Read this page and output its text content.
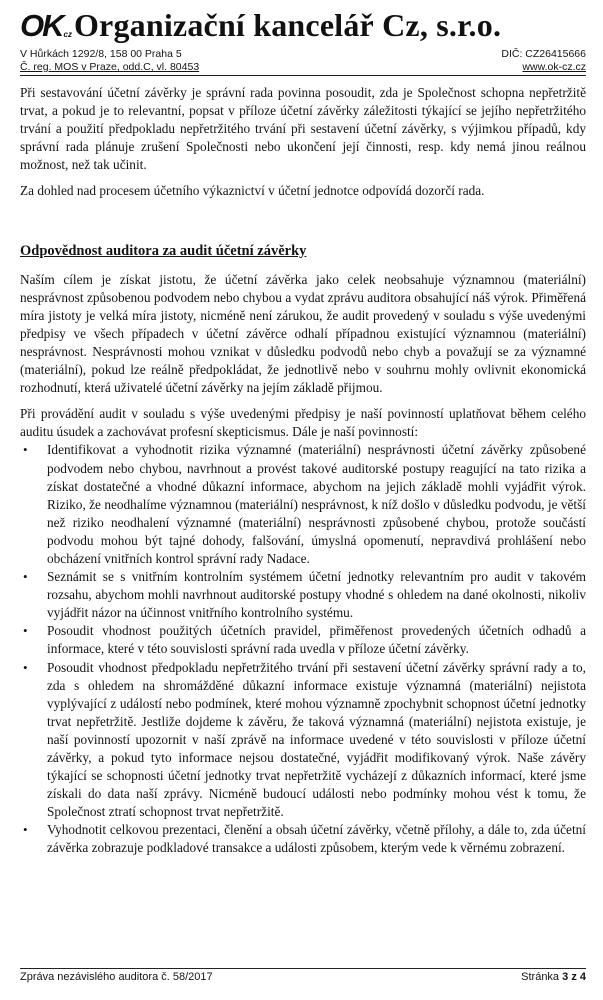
OK cz Organizační kancelář Cz, s.r.o.
V Hůrkách 1292/8, 158 00 Praha 5	DIČ: CZ26415666
Č. reg. MOS v Praze, odd.C, vl. 80453	www.ok-cz.cz

Při sestavování účetní závěrky je správní rada povinna posoudit, zda je Společnost schopna nepřetržitě trvat, a pokud je to relevantní, popsat v příloze účetní závěrky záležitosti týkající se jejího nepřetržitého trvání a použití předpokladu nepřetržitého trvání při sestavení účetní závěrky, s výjimkou případů, kdy správní rada plánuje zrušení Společnosti nebo ukončení její činnosti, resp. kdy nemá jinou reálnou možnost, než tak učinit.

Za dohled nad procesem účetního výkaznictví v účetní jednotce odpovídá dozorčí rada.

Odpovědnost auditora za audit účetní závěrky

Naším cílem je získat jistotu, že účetní závěrka jako celek neobsahuje významnou (materiální) nesprávnost způsobenou podvodem nebo chybou a vydat zprávu auditora obsahující náš výrok. Přiměřená míra jistoty je velká míra jistoty, nicméně není zárukou, že audit provedený v souladu s výše uvedenými předpisy ve všech případech v účetní závěrce odhalí případnou existující významnou (materiální) nesprávnost. Nesprávnosti mohou vznikat v důsledku podvodů nebo chyb a považují se za významné (materiální), pokud lze reálně předpokládat, že jednotlivě nebo v souhrnu mohly ovlivnit ekonomická rozhodnutí, která uživatelé účetní závěrky na jejím základě přijmou.

Při provádění audit v souladu s výše uvedenými předpisy je naší povinností uplatňovat během celého auditu úsudek a zachovávat profesní skepticismus. Dále je naší povinností:

• Identifikovat a vyhodnotit rizika významné (materiální) nesprávnosti účetní závěrky způsobené podvodem nebo chybou, navrhnout a provést takové auditorské postupy reagující na tato rizika a získat dostatečné a vhodné důkazní informace, abychom na jejich základě mohli vyjádřit výrok. Riziko, že neodhalíme významnou (materiální) nesprávnost, k níž došlo v důsledku podvodu, je větší než riziko neodhalení významné (materiální) nesprávnosti způsobené chybou, protože součástí podvodu mohou být tajné dohody, falšování, úmyslná opomenutí, nepravdivá prohlášení nebo obcházení vnitřních kontrol správní rady Nadace.
• Seznámit se s vnitřním kontrolním systémem účetní jednotky relevantním pro audit v takovém rozsahu, abychom mohli navrhnout auditorské postupy vhodné s ohledem na dané okolnosti, nikoliv vyjádřit názor na účinnost vnitřního kontrolního systému.
• Posoudit vhodnost použitých účetních pravidel, přiměřenost provedených účetních odhadů a informace, které v této souvislosti správní rada uvedla v příloze účetní závěrky.
• Posoudit vhodnost předpokladu nepřetržitého trvání při sestavení účetní závěrky správní rady a to, zda s ohledem na shromážděné důkazní informace existuje významná (materiální) nejistota vyplývající z událostí nebo podmínek, které mohou významně zpochybnit schopnost účetní jednotky trvat nepřetržitě. Jestliže dojdeme k závěru, že taková významná (materiální) nejistota existuje, je naší povinností upozornit v naší zprávě na informace uvedené v této souvislosti v příloze účetní závěrky, a pokud tyto informace nejsou dostatečné, vyjádřit modifikovaný výrok. Naše závěry týkající se schopnosti účetní jednotky trvat nepřetržitě vycházejí z důkazních informací, které jsme získali do data naší zprávy. Nicméně budoucí události nebo podmínky mohou vést k tomu, že Společnost ztratí schopnost trvat nepřetržitě.
• Vyhodnotit celkovou prezentaci, členění a obsah účetní závěrky, včetně přílohy, a dále to, zda účetní závěrka zobrazuje podkladové transakce a události způsobem, kterým vede k věrnému zobrazení.
Zpráva nezávislého auditora č. 58/2017	Stránka 3 z 4
